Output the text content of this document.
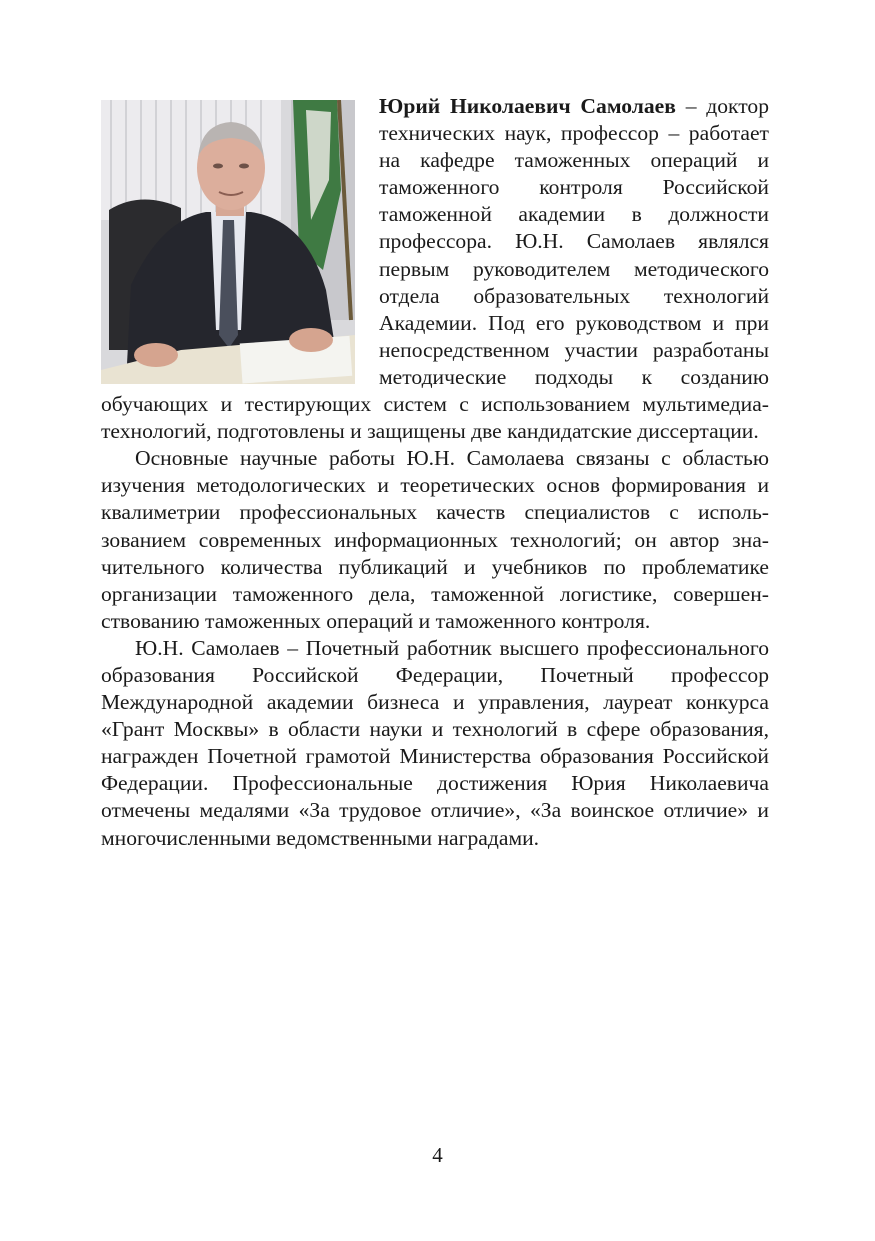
Юрий Николаевич Самолаев – доктор технических наук, профессор – работает на кафедре таможенных операций и таможенного контроля Российской таможенной академии в должности профессора. Ю.Н. Самолаев являлся первым руководителем методического отдела образовательных технологий Академии. Под его руководством и при непосредственном участии разработаны методические подходы к созданию обучающих и тестирующих систем с использованием мультимедиатехнологий, подготовлены и защищены две кандидатские диссертации.

Основные научные работы Ю.Н. Самолаева связаны с областью изучения методологических и теоретических основ формирования и квалиметрии профессиональных качеств специалистов с использованием современных информационных технологий; он автор значительного количества публикаций и учебников по проблематике организации таможенного дела, таможенной логистике, совершенствованию таможенных операций и таможенного контроля.

Ю.Н. Самолаев – Почетный работник высшего профессионального образования Российской Федерации, Почетный профессор Международной академии бизнеса и управления, лауреат конкурса «Грант Москвы» в области науки и технологий в сфере образования, награжден Почетной грамотой Министерства образования Российской Федерации. Профессиональные достижения Юрия Николаевича отмечены медалями «За трудовое отличие», «За воинское отличие» и многочисленными ведомственными наградами.

4
